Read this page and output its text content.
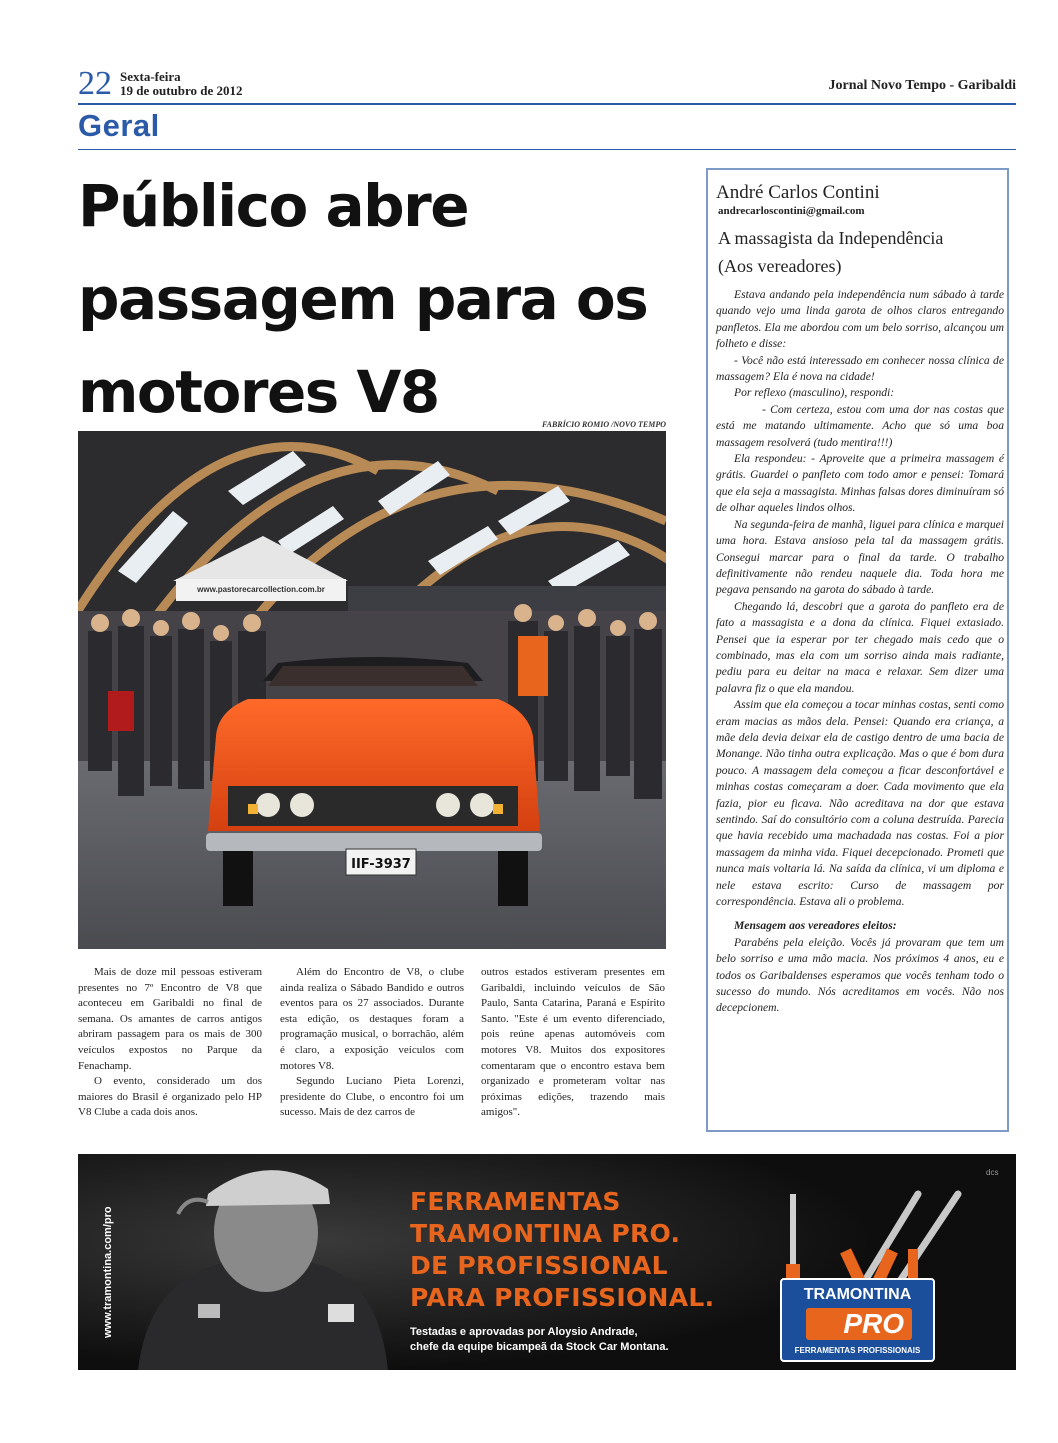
22 Sexta-feira
19 de outubro de 2012	Jornal Novo Tempo - Garibaldi
Geral
Público abre
passagem para os
motores V8	FABRÍCIO ROMIO /NOVO TEMPO
www.pastorecarcollection.com.br
IIF-3937

Mais de doze mil pessoas estiveram presentes no 7º Encontro de V8 que aconteceu em Garibaldi no final de semana. Os amantes de carros antigos abriram passagem para os mais de 300 veículos expostos no Parque da Fenachamp.

O evento, considerado um dos maiores do Brasil é organizado pelo HP V8 Clube a cada dois anos.

Além do Encontro de V8, o clube ainda realiza o Sábado Bandido e outros eventos para os 27 associados. Durante esta edição, os destaques foram a programação musical, o borrachão, além é claro, a exposição veículos com motores V8.

Segundo Luciano Pieta Lorenzi, presidente do Clube, o encontro foi um sucesso. Mais de dez carros de

outros estados estiveram presentes em Garibaldi, incluindo veículos de São Paulo, Santa Catarina, Paraná e Espírito Santo. "Este é um evento diferenciado, pois reúne apenas automóveis com motores V8. Muitos dos expositores comentaram que o encontro estava bem organizado e prometeram voltar nas próximas edições, trazendo mais amigos".

André Carlos Contini
andrecarloscontini@gmail.com
A massagista da Independência
(Aos vereadores)

Estava andando pela independência num sábado à tarde quando vejo uma linda garota de olhos claros entregando panfletos. Ela me abordou com um belo sorriso, alcançou um folheto e disse:

- Você não está interessado em conhecer nossa clínica de massagem? Ela é nova na cidade!

Por reflexo (masculino), respondi:

- Com certeza, estou com uma dor nas costas que está me matando ultimamente. Acho que só uma boa massagem resolverá (tudo mentira!!!)

Ela respondeu: - Aproveite que a primeira massagem é grátis. Guardei o panfleto com todo amor e pensei: Tomará que ela seja a massagista. Minhas falsas dores diminuíram só de olhar aqueles lindos olhos.

Na segunda-feira de manhã, liguei para clínica e marquei uma hora. Estava ansioso pela tal da massagem grátis. Consegui marcar para o final da tarde. O trabalho definitivamente não rendeu naquele dia. Toda hora me pegava pensando na garota do sábado à tarde.

Chegando lá, descobri que a garota do panfleto era de fato a massagista e a dona da clínica. Fiquei extasiado. Pensei que ia esperar por ter chegado mais cedo que o combinado, mas ela com um sorriso ainda mais radiante, pediu para eu deitar na maca e relaxar. Sem dizer uma palavra fiz o que ela mandou.

Assim que ela começou a tocar minhas costas, senti como eram macias as mãos dela. Pensei: Quando era criança, a mãe dela devia deixar ela de castigo dentro de uma bacia de Monange. Não tinha outra explicação. Mas o que é bom dura pouco. A massagem dela começou a ficar desconfortável e minhas costas começaram a doer. Cada movimento que ela fazia, pior eu ficava. Não acreditava na dor que estava sentindo. Saí do consultório com a coluna destruída. Parecia que havia recebido uma machadada nas costas. Foi a pior massagem da minha vida. Fiquei decepcionado. Prometi que nunca mais voltaria lá. Na saída da clínica, vi um diploma e nele estava escrito: Curso de massagem por correspondência. Estava ali o problema.

Mensagem aos vereadores eleitos:

Parabéns pela eleição. Vocês já provaram que tem um belo sorriso e uma mão macia. Nos próximos 4 anos, eu e todos os Garibaldenses esperamos que vocês tenham todo o sucesso do mundo. Nós acreditamos em vocês. Não nos decepcionem.

www.tramontina.com/pro
FERRAMENTAS
TRAMONTINA PRO.
DE PROFISSIONAL
PARA PROFISSIONAL.
Testadas e aprovadas por Aloysio Andrade,
chefe da equipe bicampeã da Stock Car Montana.
TRAMONTINA
PRO
FERRAMENTAS PROFISSIONAIS
dcs
